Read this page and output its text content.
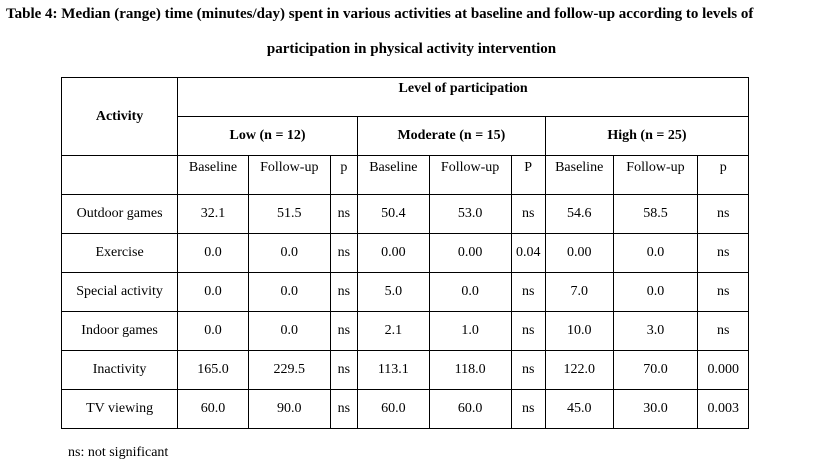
Table 4: Median (range) time (minutes/day) spent in various activities at baseline and follow-up according to levels of
participation in physical activity intervention
Activity	Level of participation								
	Low (n = 12)			Moderate (n = 15)			High (n = 25)		
	Baseline	Follow-up	p	Baseline	Follow-up	P	Baseline	Follow-up	p
Outdoor games	32.1	51.5	ns	50.4	53.0	ns	54.6	58.5	ns
Exercise	0.0	0.0	ns	0.00	0.00	0.04	0.00	0.0	ns
Special activity	0.0	0.0	ns	5.0	0.0	ns	7.0	0.0	ns
Indoor games	0.0	0.0	ns	2.1	1.0	ns	10.0	3.0	ns
Inactivity	165.0	229.5	ns	113.1	118.0	ns	122.0	70.0	0.000
TV viewing	60.0	90.0	ns	60.0	60.0	ns	45.0	30.0	0.003
ns: not significant
